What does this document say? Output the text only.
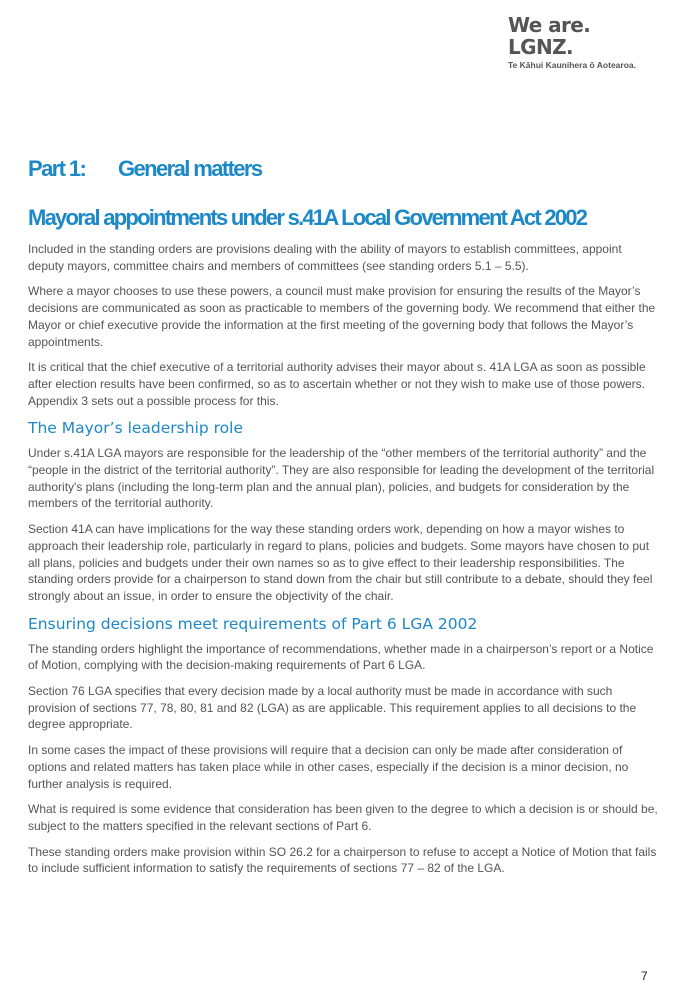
We are.
LGNZ.
Te Kāhui Kaunihera ō Aotearoa.
Part 1: General matters
Mayoral appointments under s.41A Local Government Act 2002

Included in the standing orders are provisions dealing with the ability of mayors to establish committees, appoint deputy mayors, committee chairs and members of committees (see standing orders 5.1 – 5.5).

Where a mayor chooses to use these powers, a council must make provision for ensuring the results of the Mayor’s decisions are communicated as soon as practicable to members of the governing body. We recommend that either the Mayor or chief executive provide the information at the first meeting of the governing body that follows the Mayor’s appointments.

It is critical that the chief executive of a territorial authority advises their mayor about s. 41A LGA as soon as possible after election results have been confirmed, so as to ascertain whether or not they wish to make use of those powers. Appendix 3 sets out a possible process for this.

The Mayor’s leadership role

Under s.41A LGA mayors are responsible for the leadership of the “other members of the territorial authority” and the “people in the district of the territorial authority”. They are also responsible for leading the development of the territorial authority's plans (including the long-term plan and the annual plan), policies, and budgets for consideration by the members of the territorial authority.

Section 41A can have implications for the way these standing orders work, depending on how a mayor wishes to approach their leadership role, particularly in regard to plans, policies and budgets. Some mayors have chosen to put all plans, policies and budgets under their own names so as to give effect to their leadership responsibilities. The standing orders provide for a chairperson to stand down from the chair but still contribute to a debate, should they feel strongly about an issue, in order to ensure the objectivity of the chair.

Ensuring decisions meet requirements of Part 6 LGA 2002

The standing orders highlight the importance of recommendations, whether made in a chairperson’s report or a Notice of Motion, complying with the decision-making requirements of Part 6 LGA.

Section 76 LGA specifies that every decision made by a local authority must be made in accordance with such provision of sections 77, 78, 80, 81 and 82 (LGA) as are applicable. This requirement applies to all decisions to the degree appropriate.

In some cases the impact of these provisions will require that a decision can only be made after consideration of options and related matters has taken place while in other cases, especially if the decision is a minor decision, no further analysis is required.

What is required is some evidence that consideration has been given to the degree to which a decision is or should be, subject to the matters specified in the relevant sections of Part 6.

These standing orders make provision within SO 26.2 for a chairperson to refuse to accept a Notice of Motion that fails to include sufficient information to satisfy the requirements of sections 77 – 82 of the LGA.

7
